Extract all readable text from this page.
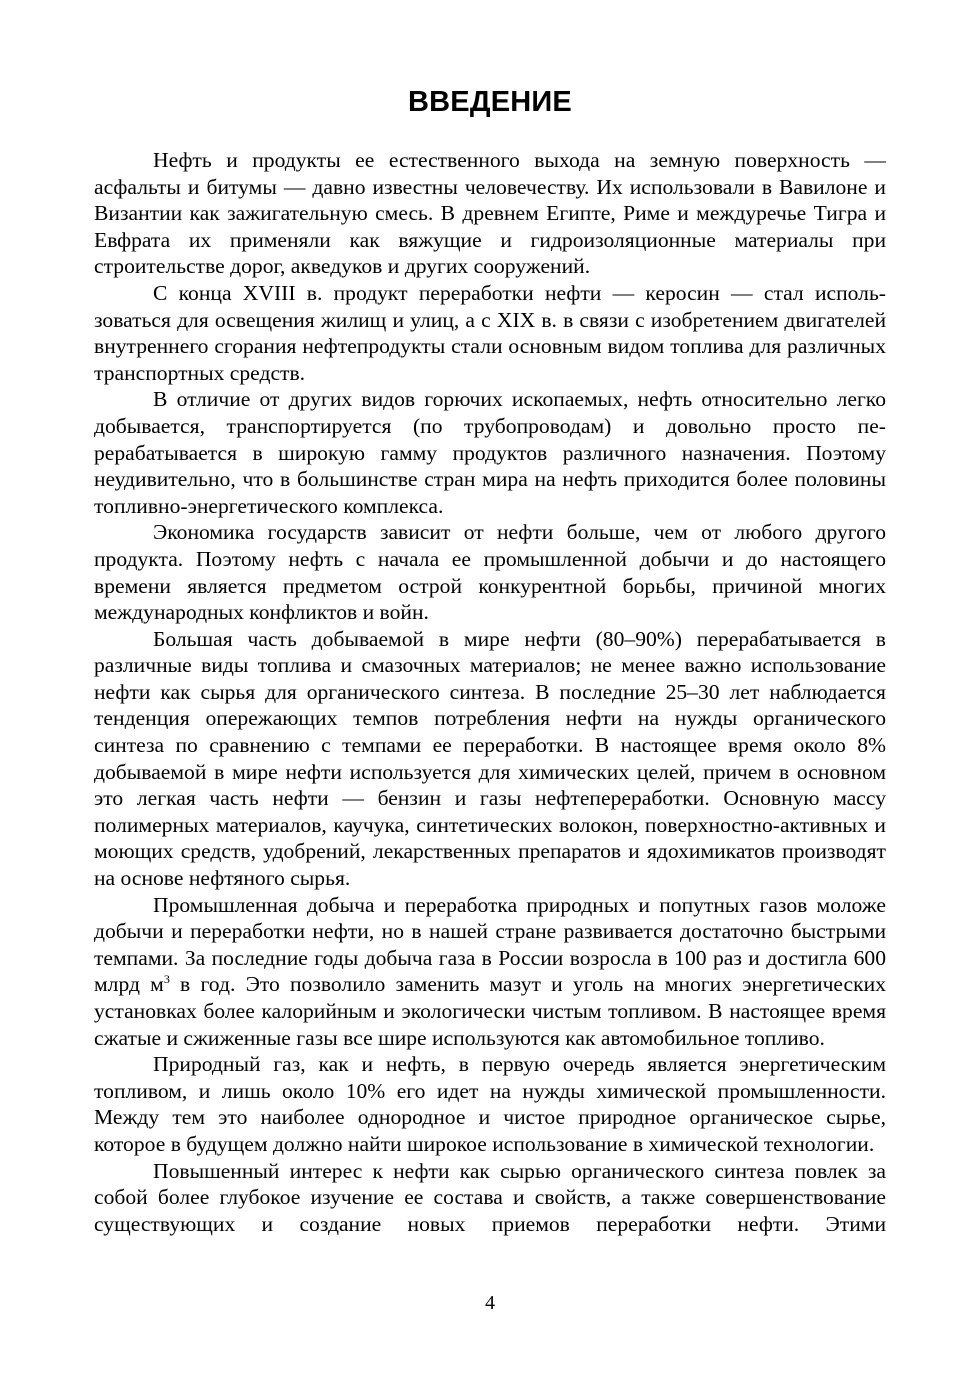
ВВЕДЕНИЕ

Нефть и продукты ее естественного выхода на земную поверхность — асфальты и битумы — давно известны человечеству. Их использовали в Вавилоне и Византии как зажигательную смесь. В древнем Египте, Риме и междуречье Тигра и Евфрата их применяли как вяжущие и гидроизоляционные материалы при строительстве дорог, акведуков и других сооружений.

С конца XVIII в. продукт переработки нефти — керосин — стал использоваться для освещения жилищ и улиц, а с XIX в. в связи с изобретением двигателей внутреннего сгорания нефтепродукты стали основным видом топлива для различных транспортных средств.

В отличие от других видов горючих ископаемых, нефть относительно легко добывается, транспортируется (по трубопроводам) и довольно просто перерабатывается в широкую гамму продуктов различного назначения. Поэтому неудивительно, что в большинстве стран мира на нефть приходится более половины топливно-энергетического комплекса.

Экономика государств зависит от нефти больше, чем от любого другого продукта. Поэтому нефть с начала ее промышленной добычи и до настоящего времени является предметом острой конкурентной борьбы, причиной многих международных конфликтов и войн.

Большая часть добываемой в мире нефти (80–90%) перерабатывается в различные виды топлива и смазочных материалов; не менее важно использование нефти как сырья для органического синтеза. В последние 25–30 лет наблюдается тенденция опережающих темпов потребления нефти на нужды органического синтеза по сравнению с темпами ее переработки. В настоящее время около 8% добываемой в мире нефти используется для химических целей, причем в основном это легкая часть нефти — бензин и газы нефтепереработки. Основную массу полимерных материалов, каучука, синтетических волокон, поверхностно-активных и моющих средств, удобрений, лекарственных препаратов и ядохимикатов производят на основе нефтяного сырья.

Промышленная добыча и переработка природных и попутных газов моложе добычи и переработки нефти, но в нашей стране развивается достаточно быстрыми темпами. За последние годы добыча газа в России возросла в 100 раз и достигла 600 млрд $м^3$ в год. Это позволило заменить мазут и уголь на многих энергетических установках более калорийным и экологически чистым топливом. В настоящее время сжатые и сжиженные газы все шире используются как автомобильное топливо.

Природный газ, как и нефть, в первую очередь является энергетическим топливом, и лишь около 10% его идет на нужды химической промышленности. Между тем это наиболее однородное и чистое природное органическое сырье, которое в будущем должно найти широкое использование в химической технологии.

Повышенный интерес к нефти как сырью органического синтеза повлек за собой более глубокое изучение ее состава и свойств, а также совершенствование существующих и создание новых приемов переработки нефти. Этими

4
